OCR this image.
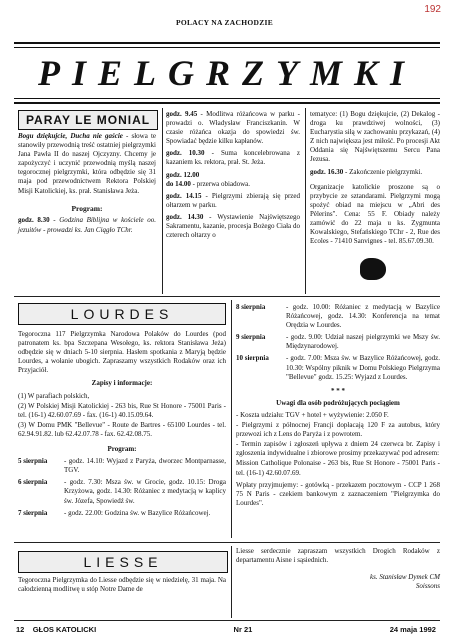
192
POLACY NA ZACHODZIE
PIELGRZYMKI
PARAY LE MONIAL

Bogu dziękujcie, Ducha nie gaście - słowa te stanowiły przewodnią treść ostatniej pielgrzymki Jana Pawła II do naszej Ojczyzny. Chcemy je zapożyczyć i uczynić przewodnią myślą naszej tegorocznej pielgrzymki, która odbędzie się 31 maja pod przewodnictwem Rektora Polskiej Misji Katolickiej, ks. prał. Stanisława Jeża.

Program:

godz. 8.30 - Godzina Biblijna w kościele oo. jezuitów - prowadzi ks. Jan Ciągło TChr.

godz. 9.45 - Modlitwa różańcowa w parku - prowadzi o. Władysław Franciszkanin. W czasie różańca okazja do spowiedzi św. Spowiadać będzie kilku kapłanów.

godz. 10.30 - Suma koncelebrowana z kazaniem ks. rektora, prał. St. Jeża.

godz. 12.00

do 14.00 - przerwa obiadowa.

godz. 14.15 - Pielgrzymi zbierają się przed ołtarzem w parku.

godz. 14.30 - Wystawienie Najświętszego Sakramentu, kazanie, procesja Bożego Ciała do czterech ołtarzy o

tematyce: (1) Bogu dziękujcie, (2) Dekalog - droga ku prawdziwej wolności, (3) Eucharystia siłą w zachowaniu przykazań, (4) Z nich największa jest miłość. Po procesji Akt Oddania się Najświętszemu Sercu Pana Jezusa.

godz. 16.30 - Zakończenie pielgrzymki.

Organizacje katolickie proszone są o przybycie ze sztandarami. Pielgrzymi mogą spożyć obiad na miejscu w „Abri des Pèlerins". Cena: 55 F. Obiady należy zamówić do 22 maja u ks. Zygmunta Kowalskiego, Stefańskiego TChr - 2, Rue des Ecoles - 71410 Sanvignes - tel. 85.67.09.30.

LOURDES

Tegoroczna 117 Pielgrzymka Narodowa Polaków do Lourdes (pod patronatem ks. bpa Szczepana Wesołego, ks. rektora Stanisława Jeża) odbędzie się w dniach 5-10 sierpnia. Hasłem spotkania z Maryją będzie Lourdes, a wołanie ubogich. Zapraszamy wszystkich Rodaków oraz ich Przyjaciół.

Zapisy i informacje:

(1) W parafiach polskich,

(2) W Polskiej Misji Katolickiej - 263 bis, Rue St Honore - 75001 Paris - tel. (16-1) 42.60.07.69 - fax. (16-1) 40.15.09.64.

(3) W Domu PMK "Bellevue" - Route de Bartres - 65100 Lourdes - tel. 62.94.91.82. lub 62.42.07.78 - fax. 62.42.08.75.

Program:

5 sierpnia	- godz. 14.10: Wyjazd z Paryża, dworzec Montparnasse, TGV.
6 sierpnia	- godz. 7.30: Msza św. w Grocie, godz. 10.15: Droga Krzyżowa, godz. 14.30: Różaniec z medytacją w kaplicy św. Józefa, Spowiedź św.
7 sierpnia	- godz. 22.00: Godzina św. w Bazylice Różańcowej.
8 sierpnia	- godz. 10.00: Różaniec z medytacją w Bazylice Różańcowej, godz. 14.30: Konferencja na temat Orędzia w Lourdes.
9 sierpnia	- godz. 9.00: Udział naszej pielgrzymki we Mszy św. Międzynarodowej.
10 sierpnia	- godz. 7.00: Msza św. w Bazylice Różańcowej, godz. 10.30: Wspólny piknik w Domu Polskiego Pielgrzyma "Bellevue" godz. 15.25: Wyjazd z Lourdes.

* * *

Uwagi dla osób podróżujących pociągiem

- Koszta udziału: TGV + hotel + wyżywienie: 2.050 F.

- Pielgrzymi z północnej Francji dopłacają 120 F za autobus, który przewozi ich z Lens do Paryża i z powrotem.

- Termin zapisów i zgłoszeń upływa z dniem 24 czerwca br. Zapisy i zgłoszenia indywidualne i zbiorowe prosimy przekazywać pod adresem:

Mission Catholique Polonaise - 263 bis, Rue St Honore - 75001 Paris - tel. (16-1) 42.60.07.69.

Wpłaty przyjmujemy: - gotówką - przekazem pocztowym - CCP 1 268 75 N Paris - czekiem bankowym z zaznaczeniem "Pielgrzymka do Lourdes".

LIESSE
Tegoroczna Pielgrzymka do Liesse odbędzie się w niedzielę, 31 maja. Na całodzienną modlitwę u stóp Notre Dame de

Liesse serdecznie zapraszam wszystkich Drogich Rodaków z departamentu Aisne i sąsiednich.

ks. Stanisław Dymek CM

Soissons

12 GŁOS KATOLICKI	Nr 21	24 maja 1992
